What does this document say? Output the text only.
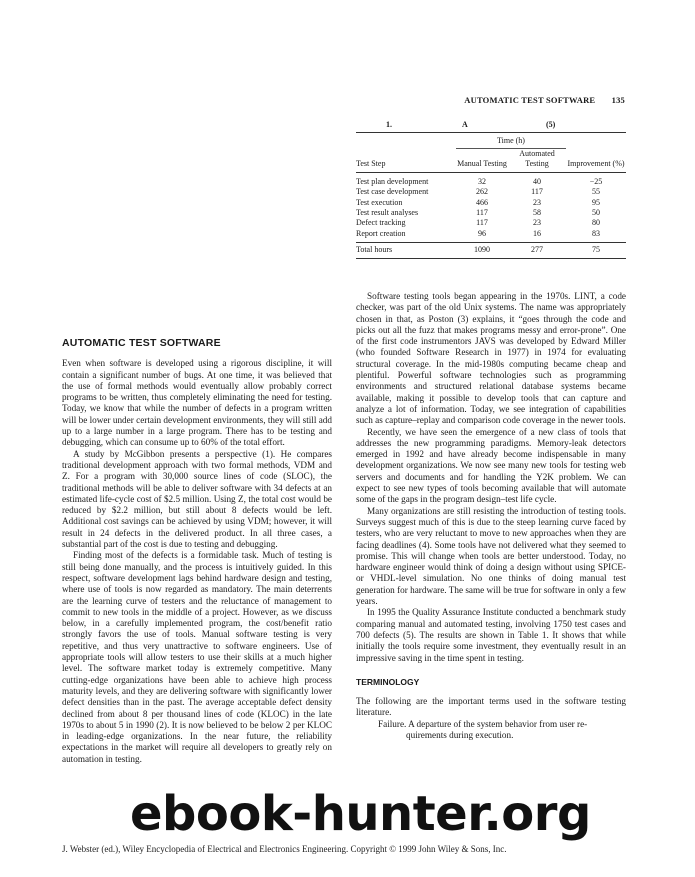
AUTOMATIC TEST SOFTWARE 135
1.	A	(5)
	Time (h)		
Test Step	Manual Testing	Automated Testing	Improvement (%)
Test plan development	32	40	−25
Test case development	262	117	55
Test execution	466	23	95
Test result analyses	117	58	50
Defect tracking	117	23	80
Report creation	96	16	83
Total hours	1090	277	75
AUTOMATIC TEST SOFTWARE

Even when software is developed using a rigorous discipline, it will contain a significant number of bugs. At one time, it was believed that the use of formal methods would eventually allow probably correct programs to be written, thus completely eliminating the need for testing. Today, we know that while the number of defects in a program written will be lower under certain development environments, they will still add up to a large number in a large program. There has to be testing and debugging, which can consume up to 60% of the total effort.

A study by McGibbon presents a perspective (1). He compares traditional development approach with two formal methods, VDM and Z. For a program with 30,000 source lines of code (SLOC), the traditional methods will be able to deliver software with 34 defects at an estimated life-cycle cost of $2.5 million. Using Z, the total cost would be reduced by $2.2 million, but still about 8 defects would be left. Additional cost savings can be achieved by using VDM; however, it will result in 24 defects in the delivered product. In all three cases, a substantial part of the cost is due to testing and debugging.

Finding most of the defects is a formidable task. Much of testing is still being done manually, and the process is intuitively guided. In this respect, software development lags behind hardware design and testing, where use of tools is now regarded as mandatory. The main deterrents are the learning curve of testers and the reluctance of management to commit to new tools in the middle of a project. However, as we discuss below, in a carefully implemented program, the cost/benefit ratio strongly favors the use of tools. Manual software testing is very repetitive, and thus very unattractive to software engineers. Use of appropriate tools will allow testers to use their skills at a much higher level. The software market today is extremely competitive. Many cutting-edge organizations have been able to achieve high process maturity levels, and they are delivering software with significantly lower defect densities than in the past. The average acceptable defect density declined from about 8 per thousand lines of code (KLOC) in the late 1970s to about 5 in 1990 (2). It is now believed to be below 2 per KLOC in leading-edge organizations. In the near future, the reliability expectations in the market will require all developers to greatly rely on automation in testing.

Software testing tools began appearing in the 1970s. LINT, a code checker, was part of the old Unix systems. The name was appropriately chosen in that, as Poston (3) explains, it “goes through the code and picks out all the fuzz that makes programs messy and error-prone”. One of the first code instrumentors JAVS was developed by Edward Miller (who founded Software Research in 1977) in 1974 for evaluating structural coverage. In the mid-1980s computing became cheap and plentiful. Powerful software technologies such as programming environments and structured relational database systems became available, making it possible to develop tools that can capture and analyze a lot of information. Today, we see integration of capabilities such as capture–replay and comparison code coverage in the newer tools.

Recently, we have seen the emergence of a new class of tools that addresses the new programming paradigms. Memory-leak detectors emerged in 1992 and have already become indispensable in many development organizations. We now see many new tools for testing web servers and documents and for handling the Y2K problem. We can expect to see new types of tools becoming available that will automate some of the gaps in the program design–test life cycle.

Many organizations are still resisting the introduction of testing tools. Surveys suggest much of this is due to the steep learning curve faced by testers, who are very reluctant to move to new approaches when they are facing deadlines (4). Some tools have not delivered what they seemed to promise. This will change when tools are better understood. Today, no hardware engineer would think of doing a design without using SPICE- or VHDL-level simulation. No one thinks of doing manual test generation for hardware. The same will be true for software in only a few years.

In 1995 the Quality Assurance Institute conducted a benchmark study comparing manual and automated testing, involving 1750 test cases and 700 defects (5). The results are shown in Table 1. It shows that while initially the tools require some investment, they eventually result in an impressive saving in the time spent in testing.

TERMINOLOGY

The following are the important terms used in the software testing literature.

Failure. A departure of the system behavior from user re-
quirements during execution.

J. Webster (ed.), Wiley Encyclopedia of Electrical and Electronics Engineering. Copyright © 1999 John Wiley & Sons, Inc.
ebook-hunter.org
